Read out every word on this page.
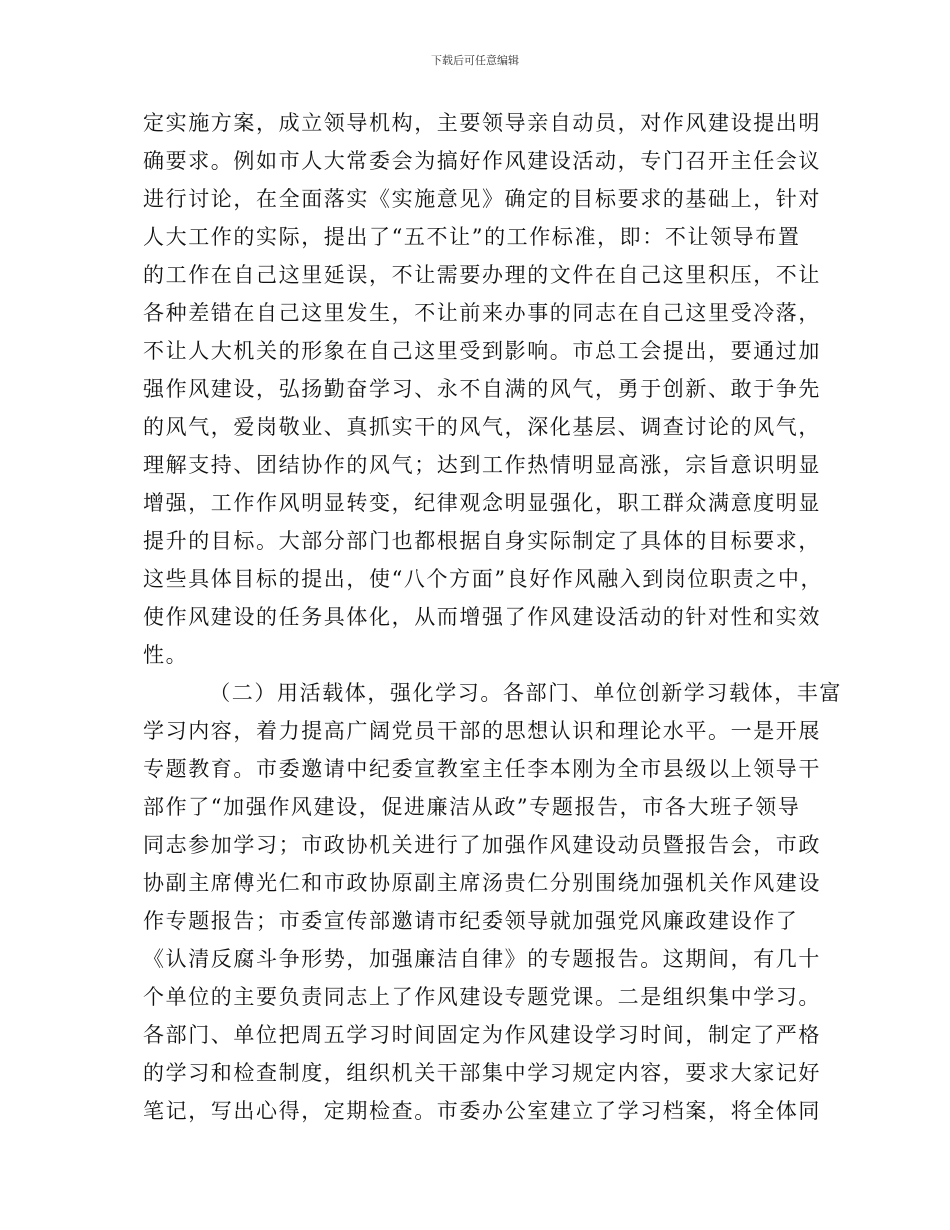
下载后可任意编辑
定实施方案，成立领导机构，主要领导亲自动员，对作风建设提出明
确要求。例如市人大常委会为搞好作风建设活动，专门召开主任会议
进行讨论，在全面落实《实施意见》确定的目标要求的基础上，针对
人大工作的实际，提出了“五不让”的工作标准，即：不让领导布置
的工作在自己这里延误，不让需要办理的文件在自己这里积压，不让
各种差错在自己这里发生，不让前来办事的同志在自己这里受冷落，
不让人大机关的形象在自己这里受到影响。市总工会提出，要通过加
强作风建设，弘扬勤奋学习、永不自满的风气，勇于创新、敢于争先
的风气，爱岗敬业、真抓实干的风气，深化基层、调查讨论的风气，
理解支持、团结协作的风气；达到工作热情明显高涨，宗旨意识明显
增强，工作作风明显转变，纪律观念明显强化，职工群众满意度明显
提升的目标。大部分部门也都根据自身实际制定了具体的目标要求，
这些具体目标的提出，使“八个方面”良好作风融入到岗位职责之中，
使作风建设的任务具体化，从而增强了作风建设活动的针对性和实效
性。
（二）用活载体，强化学习。各部门、单位创新学习载体，丰富
学习内容，着力提高广阔党员干部的思想认识和理论水平。一是开展
专题教育。市委邀请中纪委宣教室主任李本刚为全市县级以上领导干
部作了“加强作风建设，促进廉洁从政”专题报告，市各大班子领导
同志参加学习；市政协机关进行了加强作风建设动员暨报告会，市政
协副主席傅光仁和市政协原副主席汤贵仁分别围绕加强机关作风建设
作专题报告；市委宣传部邀请市纪委领导就加强党风廉政建设作了
《认清反腐斗争形势，加强廉洁自律》的专题报告。这期间，有几十
个单位的主要负责同志上了作风建设专题党课。二是组织集中学习。
各部门、单位把周五学习时间固定为作风建设学习时间，制定了严格
的学习和检查制度，组织机关干部集中学习规定内容，要求大家记好
笔记，写出心得，定期检查。市委办公室建立了学习档案，将全体同
